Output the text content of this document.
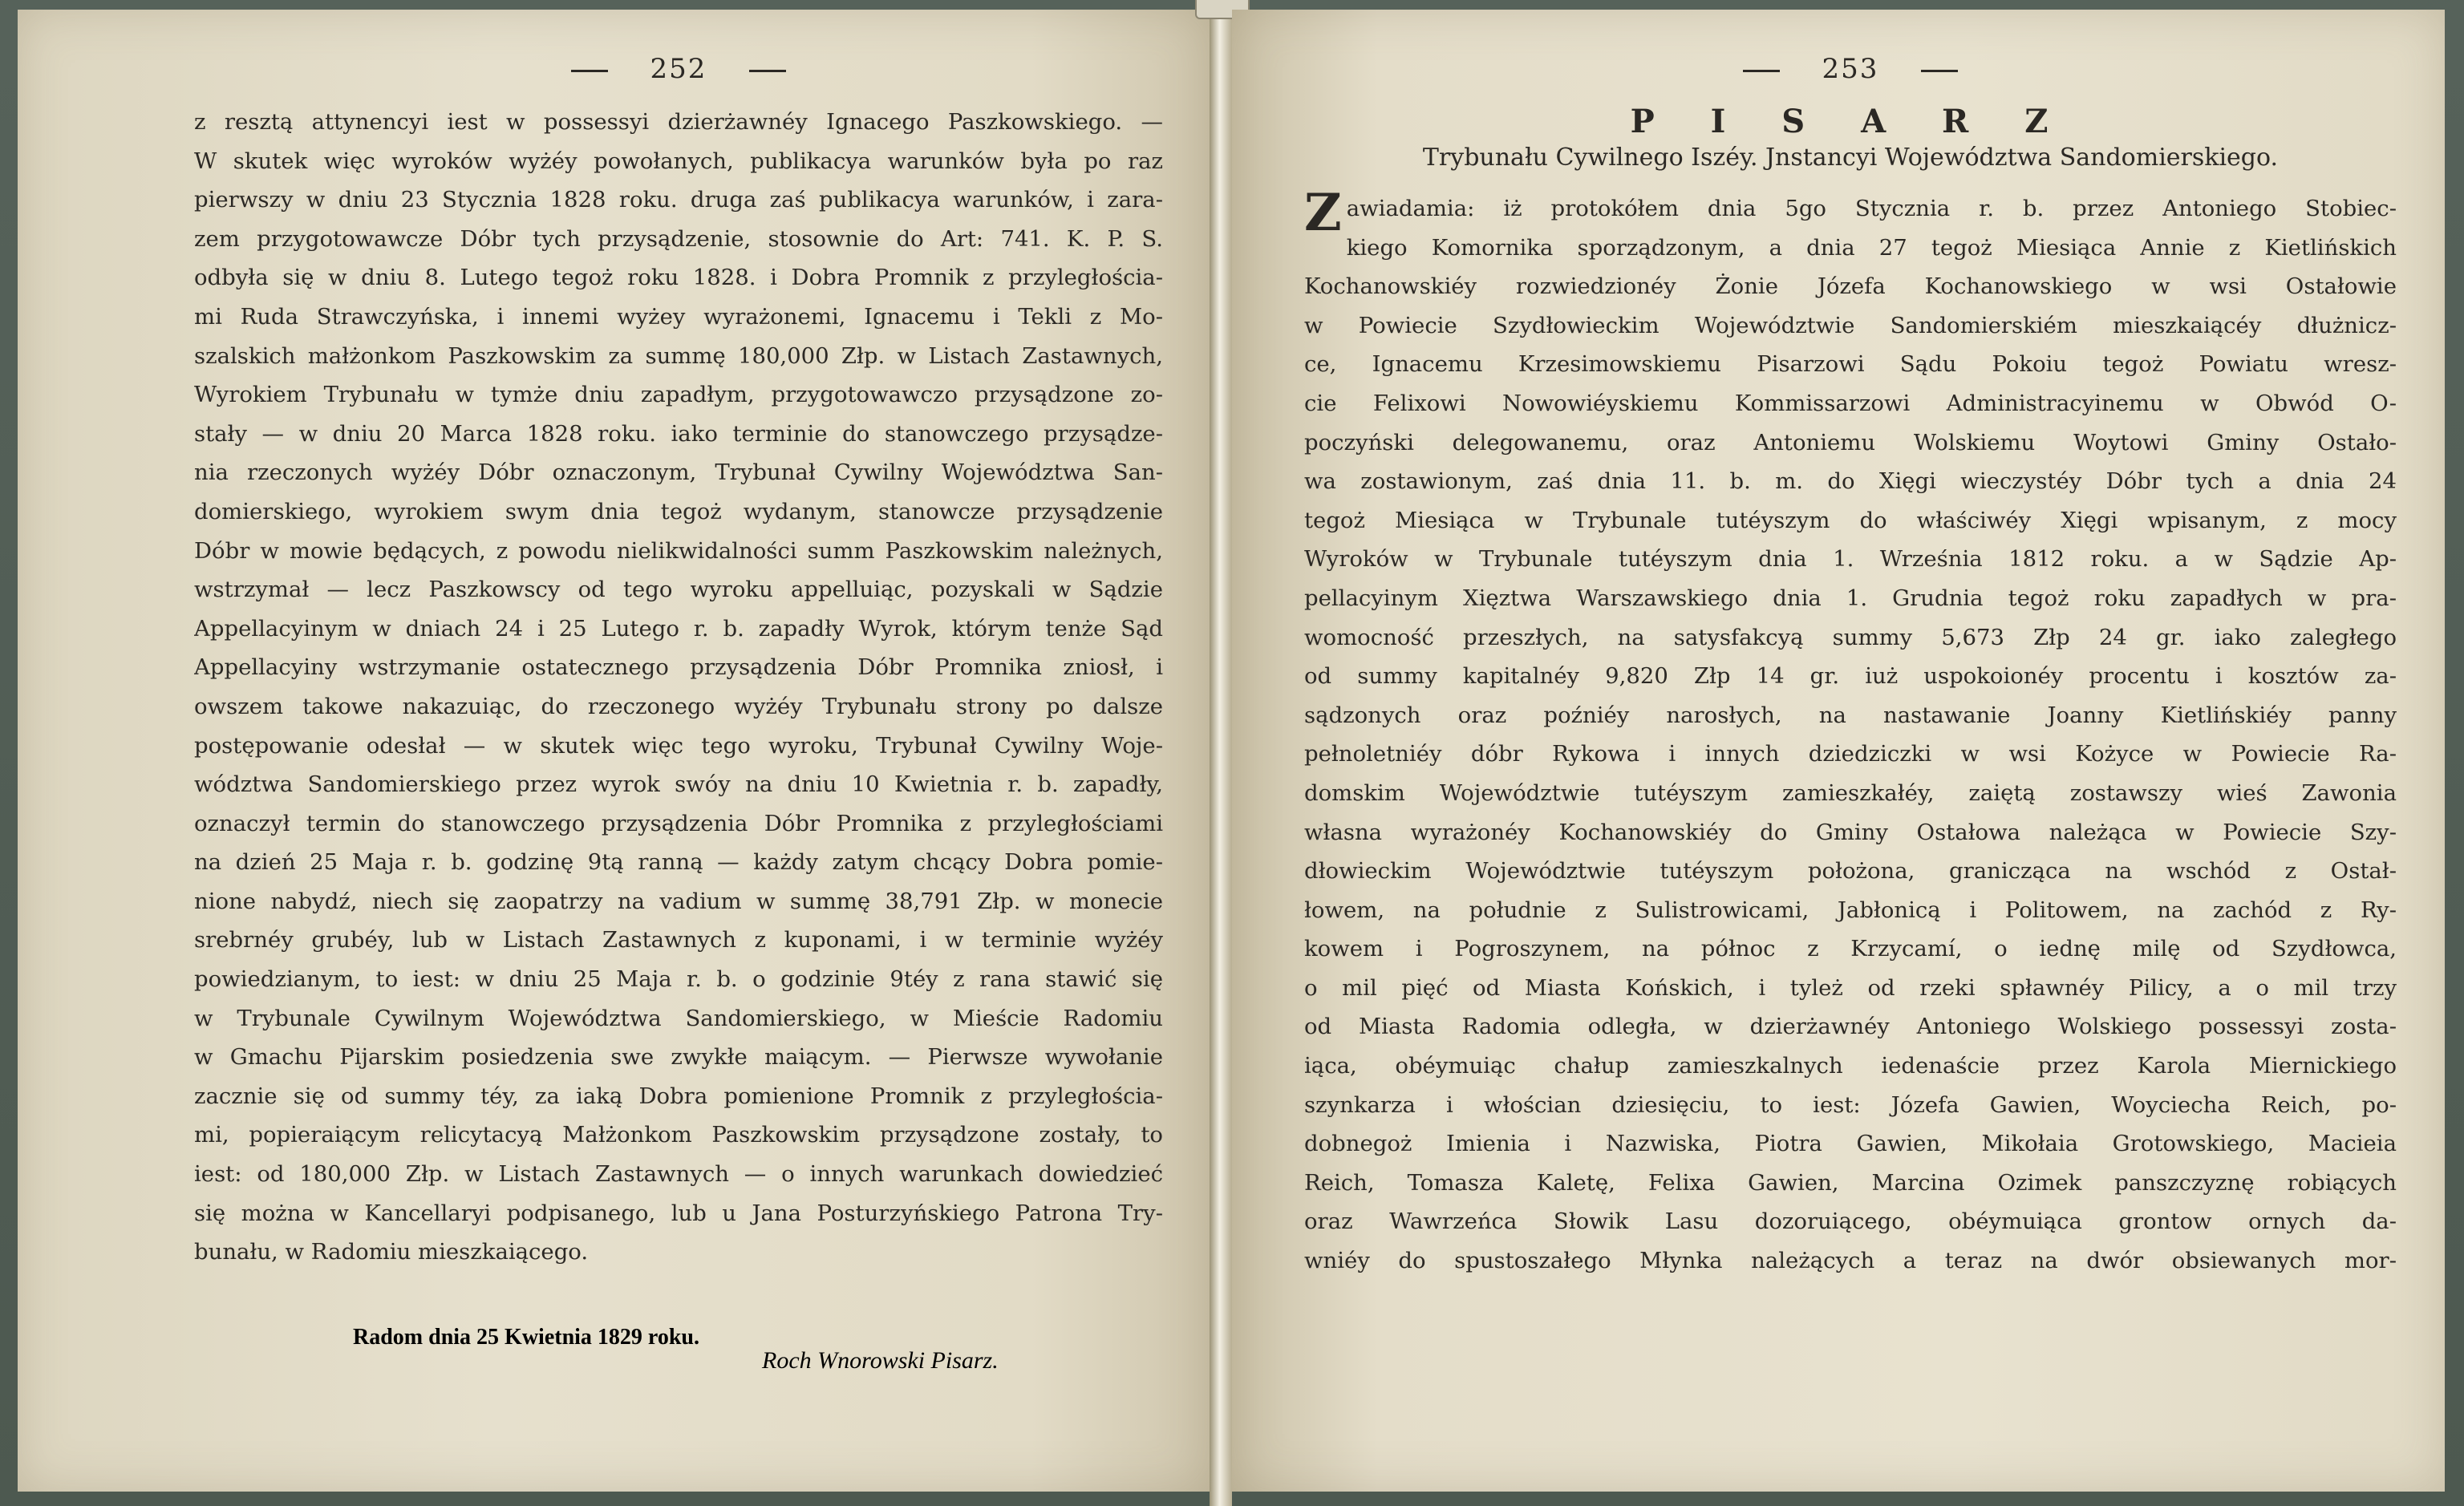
252
z resztą attynencyi iest w possessyi dzierżawnéy Ignacego Paszkowskiego. —
W skutek więc wyroków wyżéy powołanych, publikacya warunków była po raz
pierwszy w dniu 23 Stycznia 1828 roku. druga zaś publikacya warunków, i zara-
zem przygotowawcze Dóbr tych przysądzenie, stosownie do Art: 741. K. P. S.
odbyła się w dniu 8. Lutego tegoż roku 1828. i Dobra Promnik z przyległościa-
mi Ruda Strawczyńska, i innemi wyżey wyrażonemi, Ignacemu i Tekli z Mo-
szalskich małżonkom Paszkowskim za summę 180,000 Złp. w Listach Zastawnych,
Wyrokiem Trybunału w tymże dniu zapadłym, przygotowawczo przysądzone zo-
stały — w dniu 20 Marca 1828 roku. iako terminie do stanowczego przysądze-
nia rzeczonych wyżéy Dóbr oznaczonym, Trybunał Cywilny Województwa San-
domierskiego, wyrokiem swym dnia tegoż wydanym, stanowcze przysądzenie
Dóbr w mowie będących, z powodu nielikwidalności summ Paszkowskim należnych,
wstrzymał — lecz Paszkowscy od tego wyroku appelluiąc, pozyskali w Sądzie
Appellacyinym w dniach 24 i 25 Lutego r. b. zapadły Wyrok, którym tenże Sąd
Appellacyiny wstrzymanie ostatecznego przysądzenia Dóbr Promnika zniosł, i
owszem takowe nakazuiąc, do rzeczonego wyżéy Trybunału strony po dalsze
postępowanie odesłał — w skutek więc tego wyroku, Trybunał Cywilny Woje-
wództwa Sandomierskiego przez wyrok swóy na dniu 10 Kwietnia r. b. zapadły,
oznaczył termin do stanowczego przysądzenia Dóbr Promnika z przyległościami
na dzień 25 Maja r. b. godzinę 9tą ranną — każdy zatym chcący Dobra pomie-
nione nabydź, niech się zaopatrzy na vadium w summę 38,791 Złp. w monecie
srebrnéy grubéy, lub w Listach Zastawnych z kuponami, i w terminie wyżéy
powiedzianym, to iest: w dniu 25 Maja r. b. o godzinie 9téy z rana stawić się
w Trybunale Cywilnym Województwa Sandomierskiego, w Mieście Radomiu
w Gmachu Pijarskim posiedzenia swe zwykłe maiącym. — Pierwsze wywołanie
zacznie się od summy téy, za iaką Dobra pomienione Promnik z przyległościa-
mi, popieraiącym relicytacyą Małżonkom Paszkowskim przysądzone zostały, to
iest: od 180,000 Złp. w Listach Zastawnych — o innych warunkach dowiedzieć
się można w Kancellaryi podpisanego, lub u Jana Posturzyńskiego Patrona Try-
bunału, w Radomiu mieszkaiącego.
Radom dnia 25 Kwietnia 1829 roku.
Roch Wnorowski Pisarz.
253
P I S A R Z
Trybunału Cywilnego Iszéy. Jnstancyi Województwa Sandomierskiego.
Z awiadamia: iż protokółem dnia 5go Stycznia r. b. przez Antoniego Stobiec-
kiego Komornika sporządzonym, a dnia 27 tegoż Miesiąca Annie z Kietlińskich
Kochanowskiéy rozwiedzionéy Żonie Józefa Kochanowskiego w wsi Ostałowie
w Powiecie Szydłowieckim Województwie Sandomierskiém mieszkaiącéy dłużnicz-
ce, Ignacemu Krzesimowskiemu Pisarzowi Sądu Pokoiu tegoż Powiatu wresz-
cie Felixowi Nowowiéyskiemu Kommissarzowi Administracyinemu w Obwód O-
poczyński delegowanemu, oraz Antoniemu Wolskiemu Woytowi Gminy Ostało-
wa zostawionym, zaś dnia 11. b. m. do Xięgi wieczystéy Dóbr tych a dnia 24
tegoż Miesiąca w Trybunale tutéyszym do właściwéy Xięgi wpisanym, z mocy
Wyroków w Trybunale tutéyszym dnia 1. Września 1812 roku. a w Sądzie Ap-
pellacyinym Xięztwa Warszawskiego dnia 1. Grudnia tegoż roku zapadłych w pra-
womocność przeszłych, na satysfakcyą summy 5,673 Złp 24 gr. iako zaległego
od summy kapitalnéy 9,820 Złp 14 gr. iuż uspokoionéy procentu i kosztów za-
sądzonych oraz poźniéy narosłych, na nastawanie Joanny Kietlińskiéy panny
pełnoletniéy dóbr Rykowa i innych dziedziczki w wsi Kożyce w Powiecie Ra-
domskim Województwie tutéyszym zamieszkałéy, zaiętą zostawszy wieś Zawonia
własna wyrażonéy Kochanowskiéy do Gminy Ostałowa należąca w Powiecie Szy-
dłowieckim Województwie tutéyszym położona, granicząca na wschód z Ostał-
łowem, na południe z Sulistrowicami, Jabłonicą i Politowem, na zachód z Ry-
kowem i Pogroszynem, na północ z Krzycamí, o iednę milę od Szydłowca,
o mil pięć od Miasta Końskich, i tyleż od rzeki spławnéy Pilicy, a o mil trzy
od Miasta Radomia odległa, w dzierżawnéy Antoniego Wolskiego possessyi zosta-
iąca, obéymuiąc chałup zamieszkalnych iedenaście przez Karola Miernickiego
szynkarza i włościan dziesięciu, to iest: Józefa Gawien, Woyciecha Reich, po-
dobnegoż Imienia i Nazwiska, Piotra Gawien, Mikołaia Grotowskiego, Macieia
Reich, Tomasza Kaletę, Felixa Gawien, Marcina Ozimek panszczyznę robiących
oraz Wawrzeńca Słowik Lasu dozoruiącego, obéymuiąca grontow ornych da-
wniéy do spustoszałego Młynka należących a teraz na dwór obsiewanych mor-
